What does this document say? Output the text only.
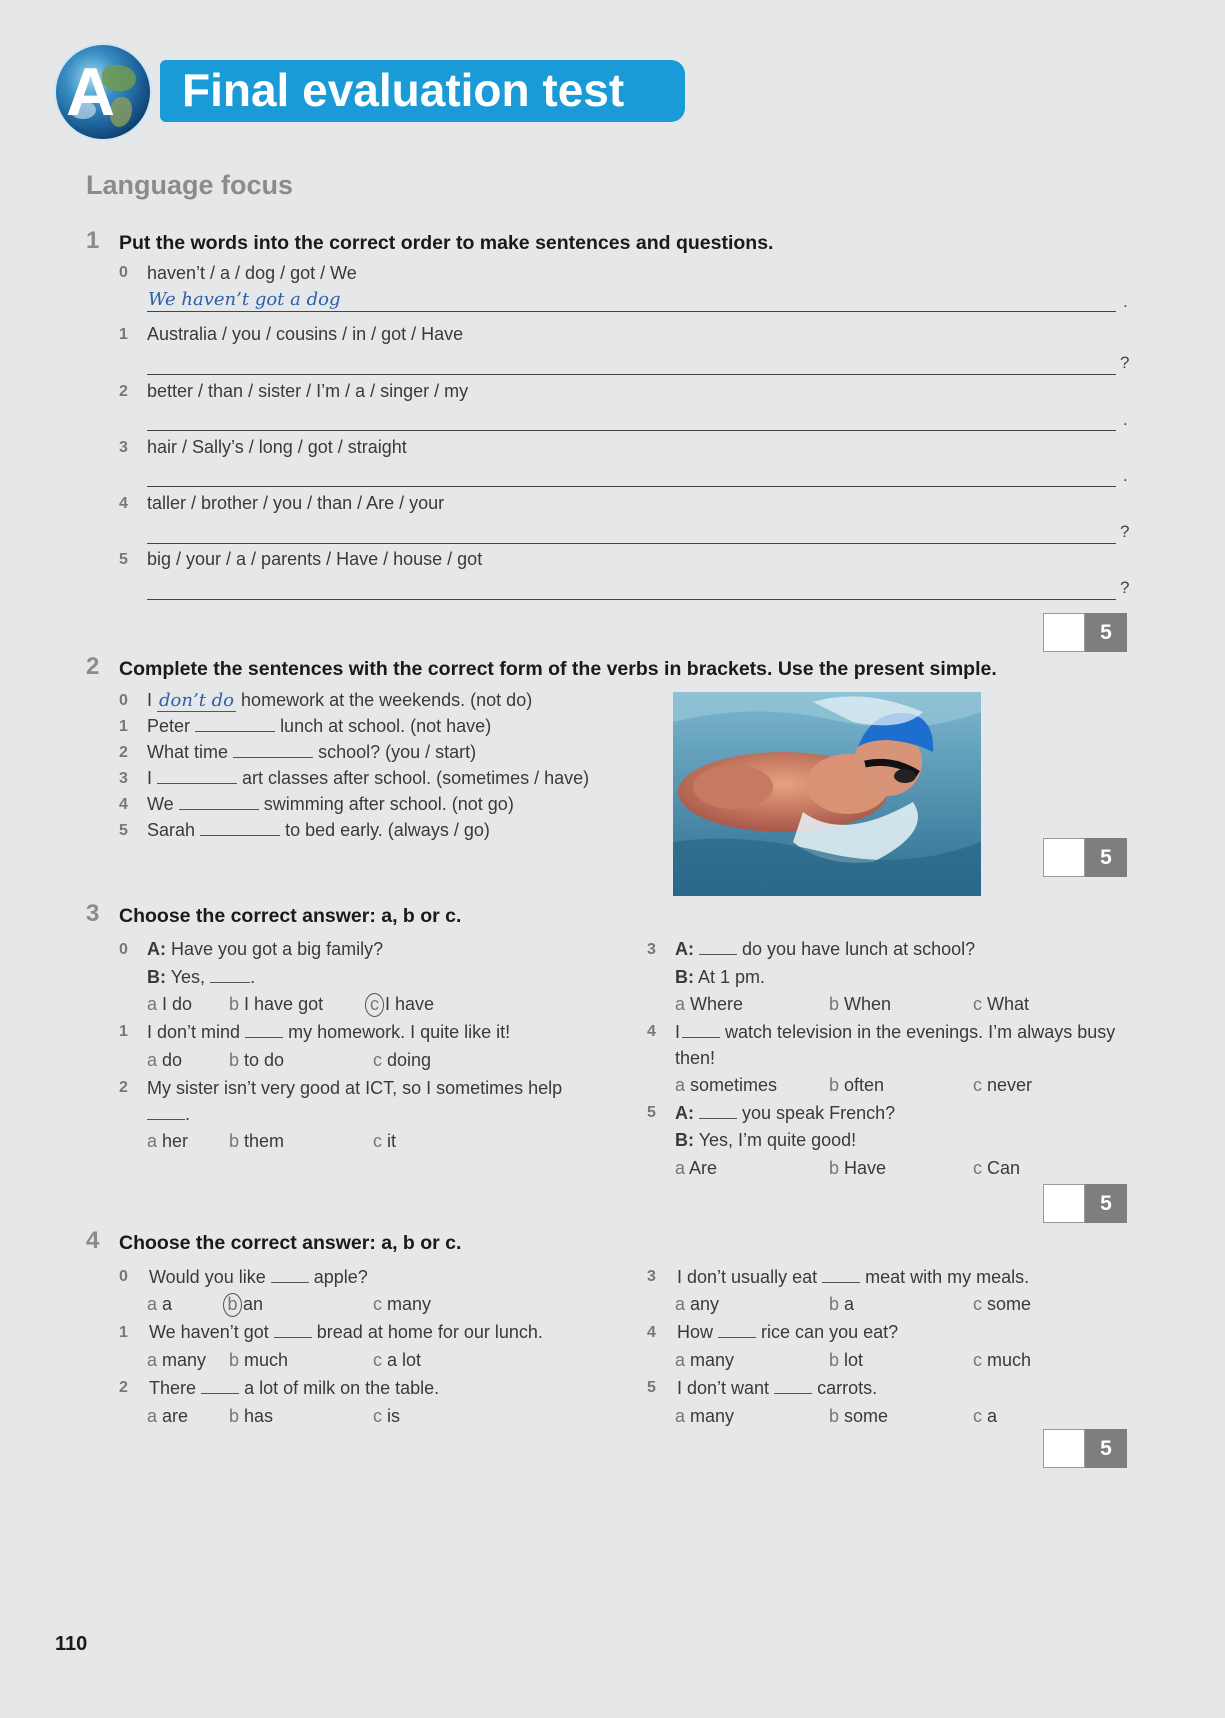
A Final evaluation test
Language focus
1 Put the words into the correct order to make sentences and questions.
0 haven’t / a / dog / got / We
We haven’t got a dog	.
1 Australia / you / cousins / in / got / Have
?
2 better / than / sister / I’m / a / singer / my
.
3 hair / Sally’s / long / got / straight
.
4 taller / brother / you / than / Are / your
?
5 big / your / a / parents / Have / house / got
?
5
2 Complete the sentences with the correct form of the verbs in brackets. Use the present simple.
0 I don’t do homework at the weekends. (not do)
1 Peter	lunch at school. (not have)
2 What time	school? (you / start)
3 I	art classes after school. (sometimes / have)
4 We	swimming after school. (not go)
5 Sarah	to bed early. (always / go)
5
3 Choose the correct answer: a, b or c.
0 A: Have you got a big family?
B: Yes,	.
a I do b I have got	c I have
1 I don’t mind	my homework. I quite like it!
a do	b to do	c doing
2 My sister isn’t very good at ICT, so I sometimes help
.
a her b them	c it
3 A:	do you have lunch at school?
B: At 1 pm.
a Where	b When	c What
4 I	watch television in the evenings. I’m always busy
then!
a sometimes	b often	c never
5 A:	you speak French?
B: Yes, I’m quite good!
a Are	b Have	c Can
5
4 Choose the correct answer: a, b or c.
0 Would you like	apple?
a a	b an	c many
1 We haven’t got	bread at home for our lunch.
a many b much	c a lot
2 There	a lot of milk on the table.
a are b has	c is
3 I don’t usually eat	meat with my meals.
a any	b a	c some
4 How	rice can you eat?
a many	b lot	c much
5 I don’t want	carrots.
a many	b some	c a
5
110
